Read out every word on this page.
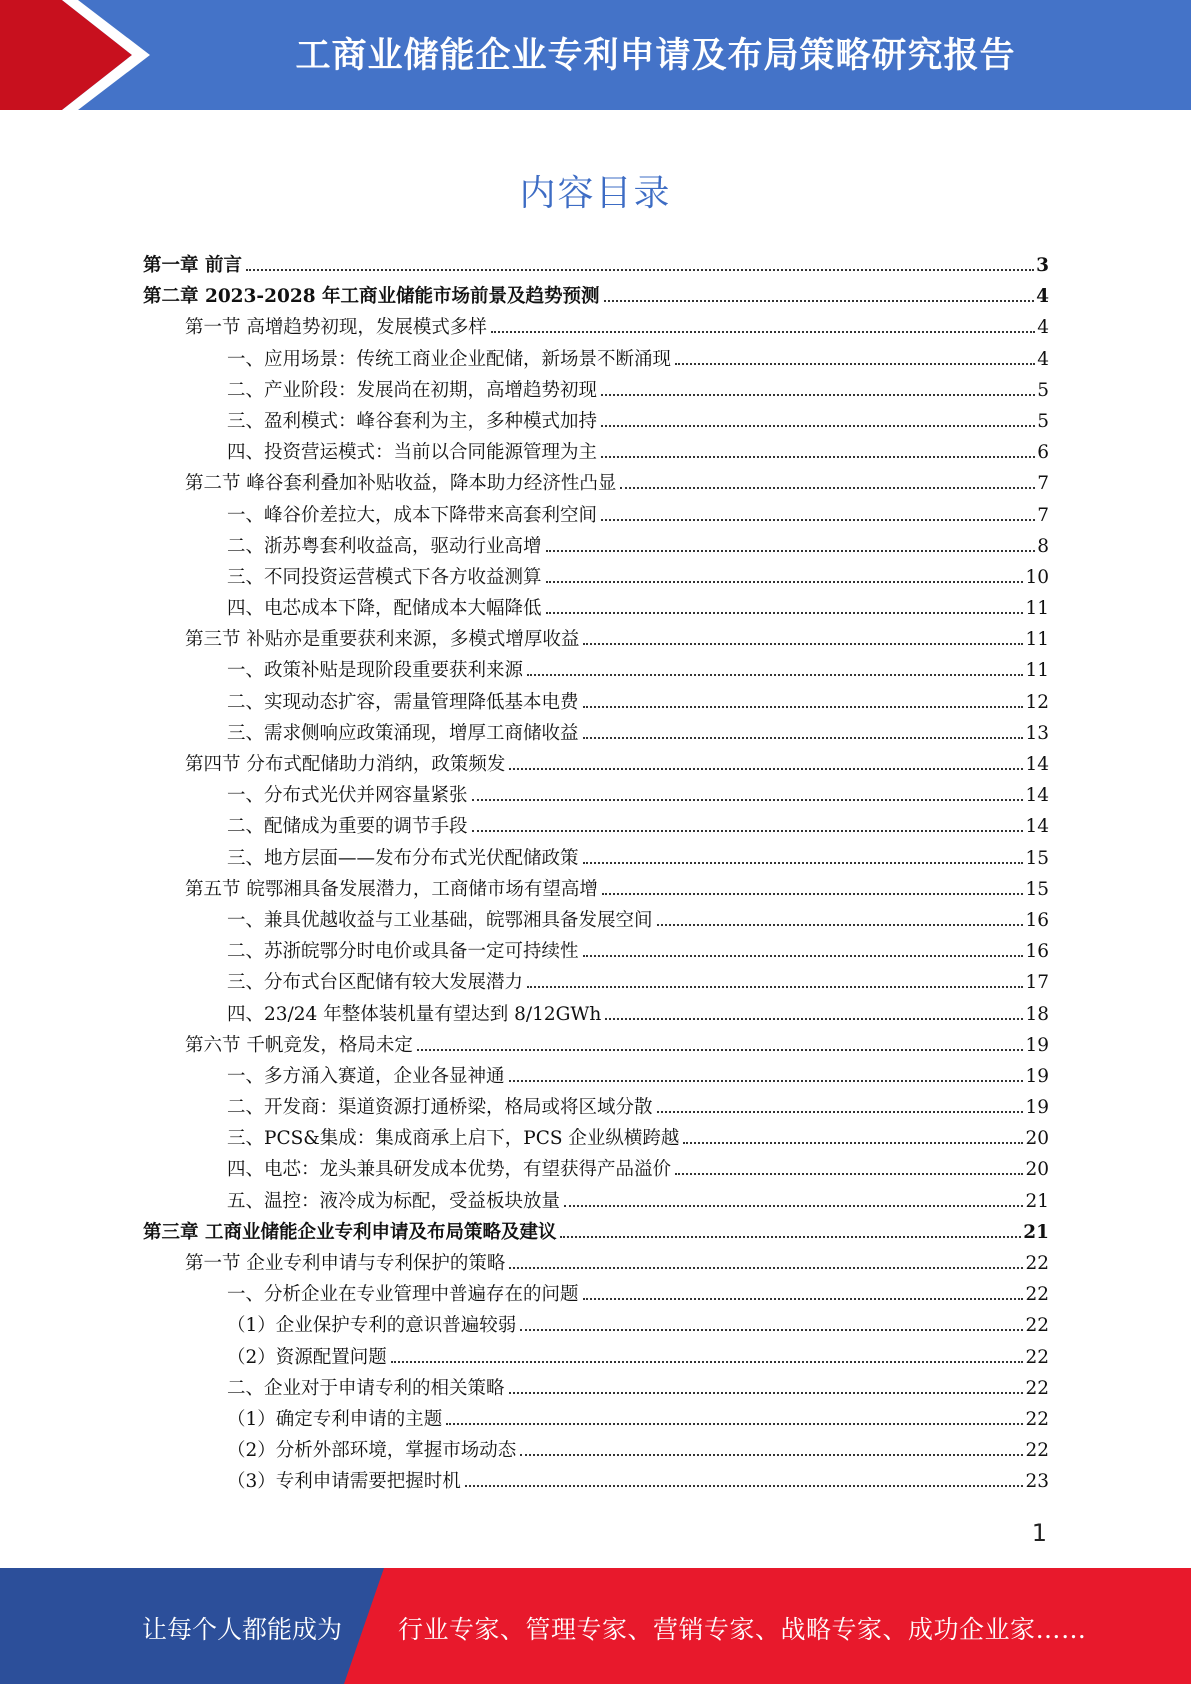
工商业储能企业专利申请及布局策略研究报告
内容目录
第一章 前言	3
第二章 2023-2028 年工商业储能市场前景及趋势预测	4
第一节 高增趋势初现，发展模式多样	4
一、应用场景：传统工商业企业配储，新场景不断涌现	4
二、产业阶段：发展尚在初期，高增趋势初现	5
三、盈利模式：峰谷套利为主，多种模式加持	5
四、投资营运模式：当前以合同能源管理为主	6
第二节 峰谷套利叠加补贴收益，降本助力经济性凸显	7
一、峰谷价差拉大，成本下降带来高套利空间	7
二、浙苏粤套利收益高，驱动行业高增	8
三、不同投资运营模式下各方收益测算	10
四、电芯成本下降，配储成本大幅降低	11
第三节 补贴亦是重要获利来源，多模式增厚收益	11
一、政策补贴是现阶段重要获利来源	11
二、实现动态扩容，需量管理降低基本电费	12
三、需求侧响应政策涌现，增厚工商储收益	13
第四节 分布式配储助力消纳，政策频发	14
一、分布式光伏并网容量紧张	14
二、配储成为重要的调节手段	14
三、地方层面——发布分布式光伏配储政策	15
第五节 皖鄂湘具备发展潜力，工商储市场有望高增	15
一、兼具优越收益与工业基础，皖鄂湘具备发展空间	16
二、苏浙皖鄂分时电价或具备一定可持续性	16
三、分布式台区配储有较大发展潜力	17
四、23/24 年整体装机量有望达到 8/12GWh	18
第六节 千帆竞发，格局未定	19
一、多方涌入赛道，企业各显神通	19
二、开发商：渠道资源打通桥梁，格局或将区域分散	19
三、PCS&集成：集成商承上启下，PCS 企业纵横跨越	20
四、电芯：龙头兼具研发成本优势，有望获得产品溢价	20
五、温控：液冷成为标配，受益板块放量	21
第三章 工商业储能企业专利申请及布局策略及建议	21
第一节 企业专利申请与专利保护的策略	22
一、分析企业在专业管理中普遍存在的问题	22
（1）企业保护专利的意识普遍较弱	22
（2）资源配置问题	22
二、企业对于申请专利的相关策略	22
（1）确定专利申请的主题	22
（2）分析外部环境，掌握市场动态	22
（3）专利申请需要把握时机	23
1
让每个人都能成为 行业专家、管理专家、营销专家、战略专家、成功企业家……
